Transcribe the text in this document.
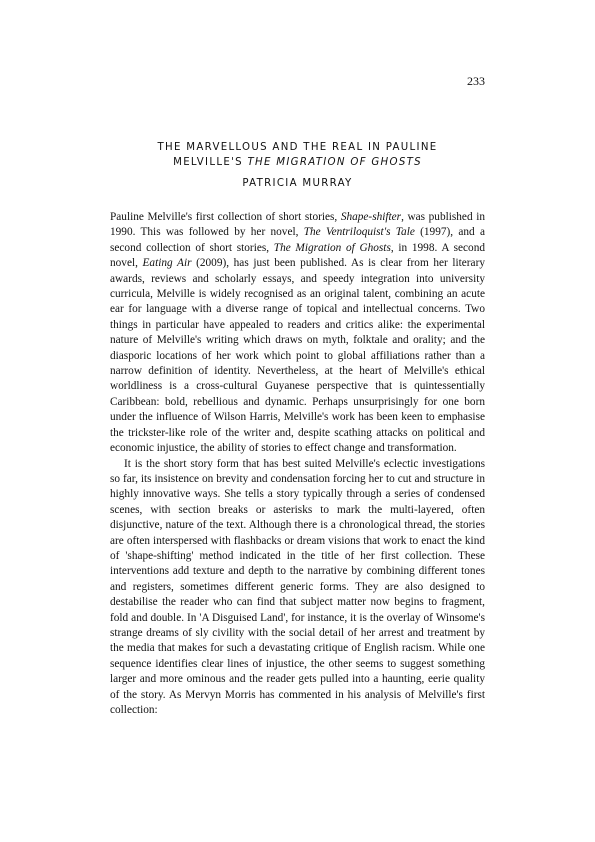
233
THE MARVELLOUS AND THE REAL IN PAULINE
MELVILLE'S THE MIGRATION OF GHOSTS
PATRICIA MURRAY

Pauline Melville's first collection of short stories, Shape-shifter, was published in 1990. This was followed by her novel, The Ventriloquist's Tale (1997), and a second collection of short stories, The Migration of Ghosts, in 1998. A second novel, Eating Air (2009), has just been published. As is clear from her literary awards, reviews and scholarly essays, and speedy integration into university curricula, Melville is widely recognised as an original talent, combining an acute ear for language with a diverse range of topical and intellectual concerns. Two things in particular have appealed to readers and critics alike: the experimental nature of Melville's writing which draws on myth, folktale and orality; and the diasporic locations of her work which point to global affiliations rather than a narrow definition of identity. Nevertheless, at the heart of Melville's ethical worldliness is a cross-cultural Guyanese perspective that is quintessentially Caribbean: bold, rebellious and dynamic. Perhaps unsurprisingly for one born under the influence of Wilson Harris, Melville's work has been keen to emphasise the trickster-like role of the writer and, despite scathing attacks on political and economic injustice, the ability of stories to effect change and transformation.

It is the short story form that has best suited Melville's eclectic investigations so far, its insistence on brevity and condensation forcing her to cut and structure in highly innovative ways. She tells a story typically through a series of condensed scenes, with section breaks or asterisks to mark the multi-layered, often disjunctive, nature of the text. Although there is a chronological thread, the stories are often interspersed with flashbacks or dream visions that work to enact the kind of 'shape-shifting' method indicated in the title of her first collection. These interventions add texture and depth to the narrative by combining different tones and registers, sometimes different generic forms. They are also designed to destabilise the reader who can find that subject matter now begins to fragment, fold and double. In 'A Disguised Land', for instance, it is the overlay of Winsome's strange dreams of sly civility with the social detail of her arrest and treatment by the media that makes for such a devastating critique of English racism. While one sequence identifies clear lines of injustice, the other seems to suggest something larger and more ominous and the reader gets pulled into a haunting, eerie quality of the story. As Mervyn Morris has commented in his analysis of Melville's first collection:
